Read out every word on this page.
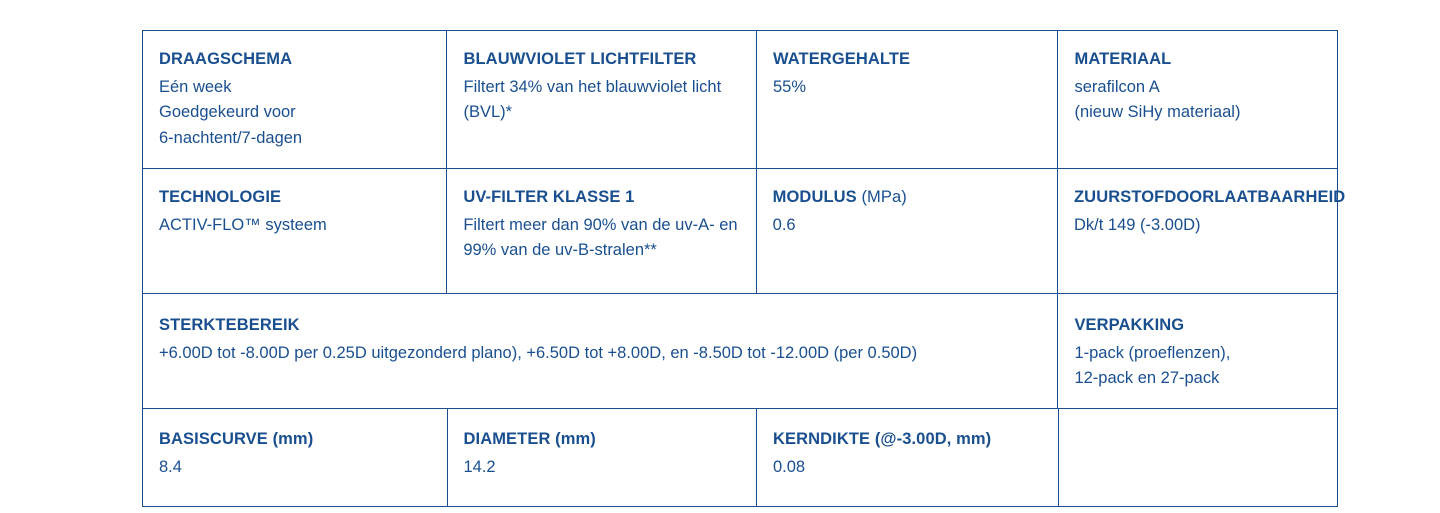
DRAAGSCHEMA
Eén week
Goedgekeurd voor
6-nachtent/7-dagen
BLAUWVIOLET LICHTFILTER
Filtert 34% van het blauwviolet licht (BVL)*
WATERGEHALTE
55%
MATERIAAL
serafilcon A
(nieuw SiHy materiaal)
TECHNOLOGIE
ACTIV-FLO™ systeem
UV-FILTER KLASSE 1
Filtert meer dan 90% van de uv-A- en 99% van de uv-B-stralen**
MODULUS (MPa)
0.6
ZUURSTOFDOORLAATBAARHEID
Dk/t 149 (-3.00D)
STERKTEBEREIK
+6.00D tot -8.00D per 0.25D uitgezonderd plano), +6.50D tot +8.00D, en -8.50D tot -12.00D (per 0.50D)
VERPAKKING
1-pack (proeflenzen),
12-pack en 27-pack
BASISCURVE (mm)
8.4
DIAMETER (mm)
14.2
KERNDIKTE (@-3.00D, mm)
0.08
